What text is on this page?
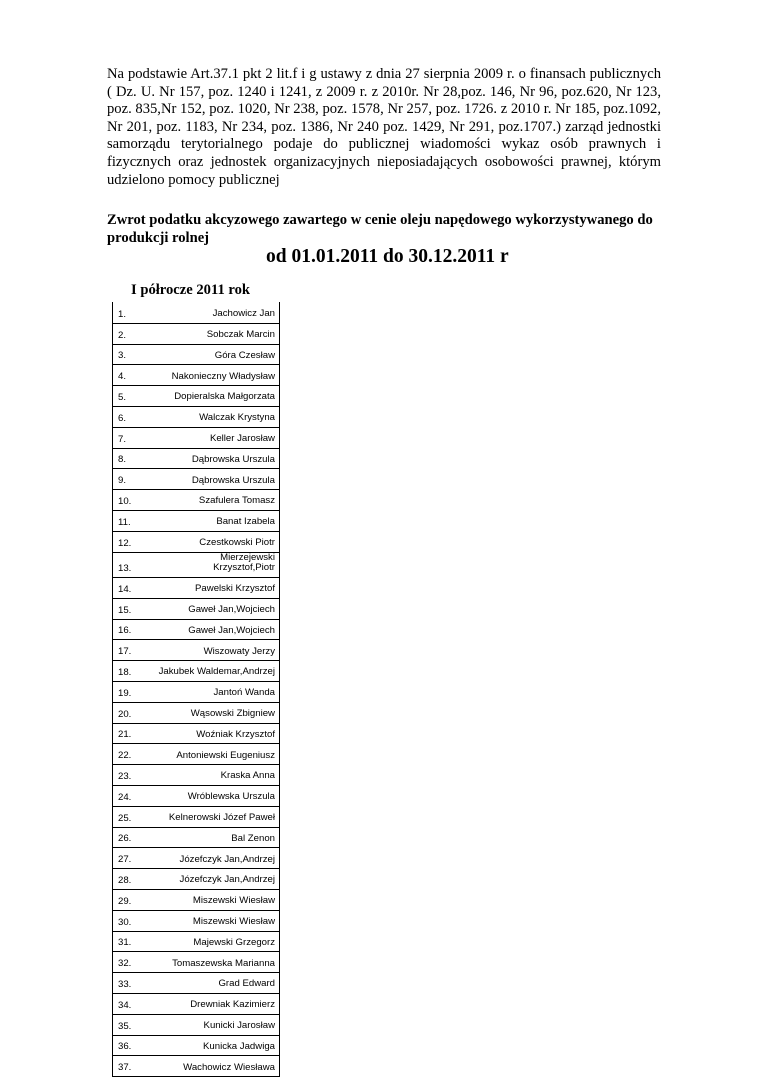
Na podstawie Art.37.1 pkt 2 lit.f i g ustawy z dnia 27 sierpnia 2009 r. o finansach publicznych ( Dz. U. Nr 157, poz. 1240 i 1241, z 2009 r. z 2010r. Nr 28,poz. 146, Nr 96, poz.620, Nr 123, poz. 835,Nr 152, poz. 1020, Nr 238, poz. 1578, Nr 257, poz. 1726. z 2010 r. Nr 185, poz.1092, Nr 201, poz. 1183, Nr 234, poz. 1386, Nr 240 poz. 1429, Nr 291, poz.1707.) zarząd jednostki samorządu terytorialnego podaje do publicznej wiadomości wykaz osób prawnych i fizycznych oraz jednostek organizacyjnych nieposiadających osobowości prawnej, którym udzielono pomocy publicznej

Zwrot podatku akcyzowego zawartego w cenie oleju napędowego wykorzystywanego do produkcji rolnej

od 01.01.2011 do 30.12.2011 r

I półrocze 2011 rok

1.	Jachowicz Jan
2.	Sobczak Marcin
3.	Góra Czesław
4.	Nakonieczny Władysław
5.	Dopieralska Małgorzata
6.	Walczak Krystyna
7.	Keller Jarosław
8.	Dąbrowska Urszula
9.	Dąbrowska Urszula
10.	Szafulera Tomasz
11.	Banat Izabela
12.	Czestkowski Piotr
13.
Mierzejewski Krzysztof,Piotr
14.	Pawelski Krzysztof
15.	Gaweł Jan,Wojciech
16.	Gaweł Jan,Wojciech
17.	Wiszowaty Jerzy
18.	Jakubek Waldemar,Andrzej
19.	Jantoń Wanda
20.	Wąsowski Zbigniew
21.	Woźniak Krzysztof
22.	Antoniewski Eugeniusz
23.	Kraska Anna
24.	Wróblewska Urszula
25.	Kelnerowski Józef Paweł
26.	Bal Zenon
27.	Józefczyk Jan,Andrzej
28.	Józefczyk Jan,Andrzej
29.	Miszewski Wiesław
30.	Miszewski Wiesław
31.	Majewski Grzegorz
32.	Tomaszewska Marianna
33.	Grad Edward
34.	Drewniak Kazimierz
35.	Kunicki Jarosław
36.	Kunicka Jadwiga
37.	Wachowicz Wiesława
